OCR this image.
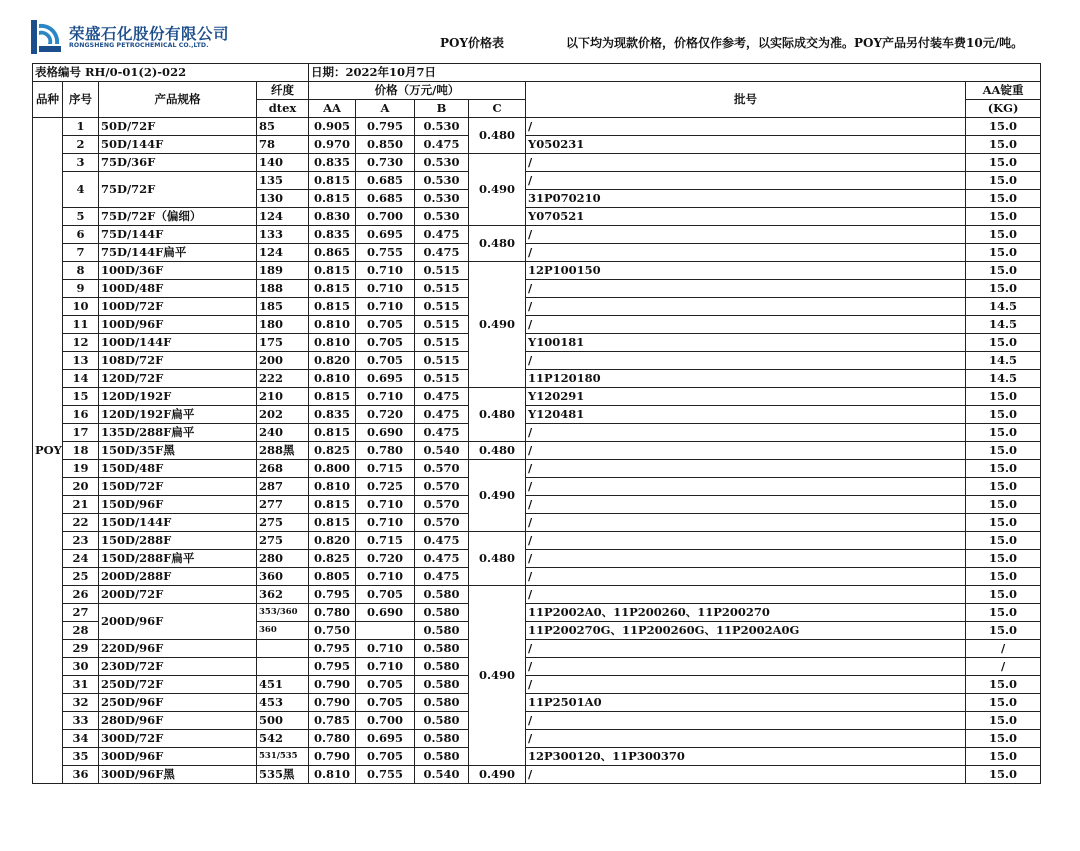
荣盛石化股份有限公司
RONGSHENG PETROCHEMICAL CO.,LTD.	POY价格表	以下均为现款价格，价格仅作参考，以实际成交为准。POY产品另付装车费10元/吨。
表格编号 RH/0-01(2)-022				日期：2022年10月7日					
品种	序号	产品规格	纤度	价格（万元/吨）				批号	AA锭重
			dtex	AA	A	B	C		(KG)
POY	1	50D/72F	85	0.905	0.795	0.530	0.480	/	15.0
	2	50D/144F	78	0.970	0.850	0.475		Y050231	15.0
	3	75D/36F	140	0.835	0.730	0.530	0.490	/	15.0
	4	75D/72F	135	0.815	0.685	0.530		/	15.0
			130	0.815	0.685	0.530		31P070210	15.0
	5	75D/72F（偏细）	124	0.830	0.700	0.530		Y070521	15.0
	6	75D/144F	133	0.835	0.695	0.475	0.480	/	15.0
	7	75D/144F扁平	124	0.865	0.755	0.475		/	15.0
	8	100D/36F	189	0.815	0.710	0.515	0.490	12P100150	15.0
	9	100D/48F	188	0.815	0.710	0.515		/	15.0
	10	100D/72F	185	0.815	0.710	0.515		/	14.5
	11	100D/96F	180	0.810	0.705	0.515		/	14.5
	12	100D/144F	175	0.810	0.705	0.515		Y100181	15.0
	13	108D/72F	200	0.820	0.705	0.515		/	14.5
	14	120D/72F	222	0.810	0.695	0.515		11P120180	14.5
	15	120D/192F	210	0.815	0.710	0.475	0.480	Y120291	15.0
	16	120D/192F扁平	202	0.835	0.720	0.475		Y120481	15.0
	17	135D/288F扁平	240	0.815	0.690	0.475		/	15.0
	18	150D/35F黑	288黑	0.825	0.780	0.540	0.480	/	15.0
	19	150D/48F	268	0.800	0.715	0.570	0.490	/	15.0
	20	150D/72F	287	0.810	0.725	0.570		/	15.0
	21	150D/96F	277	0.815	0.710	0.570		/	15.0
	22	150D/144F	275	0.815	0.710	0.570		/	15.0
	23	150D/288F	275	0.820	0.715	0.475	0.480	/	15.0
	24	150D/288F扁平	280	0.825	0.720	0.475		/	15.0
	25	200D/288F	360	0.805	0.710	0.475		/	15.0
	26	200D/72F	362	0.795	0.705	0.580	0.490	/	15.0
	27	200D/96F	353/360	0.780	0.690	0.580		11P2002A0、11P200260、11P200270	15.0
	28		360	0.750		0.580		11P200270G、11P200260G、11P2002A0G	15.0
	29	220D/96F		0.795	0.710	0.580		/	/
	30	230D/72F		0.795	0.710	0.580		/	/
	31	250D/72F	451	0.790	0.705	0.580		/	15.0
	32	250D/96F	453	0.790	0.705	0.580		11P2501A0	15.0
	33	280D/96F	500	0.785	0.700	0.580		/	15.0
	34	300D/72F	542	0.780	0.695	0.580		/	15.0
	35	300D/96F	531/535	0.790	0.705	0.580		12P300120、11P300370	15.0
	36	300D/96F黑	535黑	0.810	0.755	0.540	0.490	/	15.0
